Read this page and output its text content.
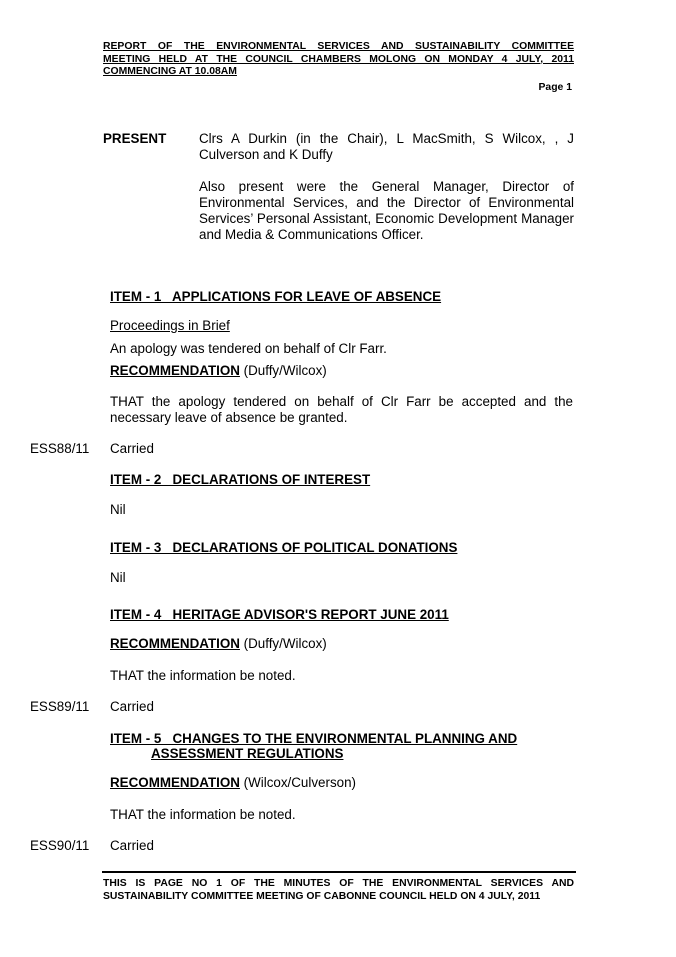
REPORT OF THE ENVIRONMENTAL SERVICES AND SUSTAINABILITY COMMITTEE
MEETING HELD AT THE COUNCIL CHAMBERS MOLONG ON MONDAY 4 JULY, 2011
COMMENCING AT 10.08AM
Page 1
PRESENT Clrs A Durkin (in the Chair), L MacSmith, S Wilcox, , J Culverson and K Duffy
Also present were the General Manager, Director of Environmental Services, and the Director of Environmental Services’ Personal Assistant, Economic Development Manager and Media & Communications Officer.
ITEM - 1   APPLICATIONS FOR LEAVE OF ABSENCE
Proceedings in Brief
An apology was tendered on behalf of Clr Farr.
RECOMMENDATION (Duffy/Wilcox)
THAT the apology tendered on behalf of Clr Farr be accepted and the necessary leave of absence be granted.
ESS88/11 Carried
ITEM - 2   DECLARATIONS OF INTEREST
Nil
ITEM - 3   DECLARATIONS OF POLITICAL DONATIONS
Nil
ITEM - 4   HERITAGE ADVISOR'S REPORT JUNE 2011
RECOMMENDATION (Duffy/Wilcox)
THAT the information be noted.
ESS89/11 Carried
ITEM - 5   CHANGES TO THE ENVIRONMENTAL PLANNING AND
ASSESSMENT REGULATIONS
RECOMMENDATION (Wilcox/Culverson)
THAT the information be noted.
ESS90/11 Carried
THIS IS PAGE NO 1 OF THE MINUTES OF THE ENVIRONMENTAL SERVICES AND SUSTAINABILITY COMMITTEE MEETING OF CABONNE COUNCIL HELD ON 4 JULY, 2011
